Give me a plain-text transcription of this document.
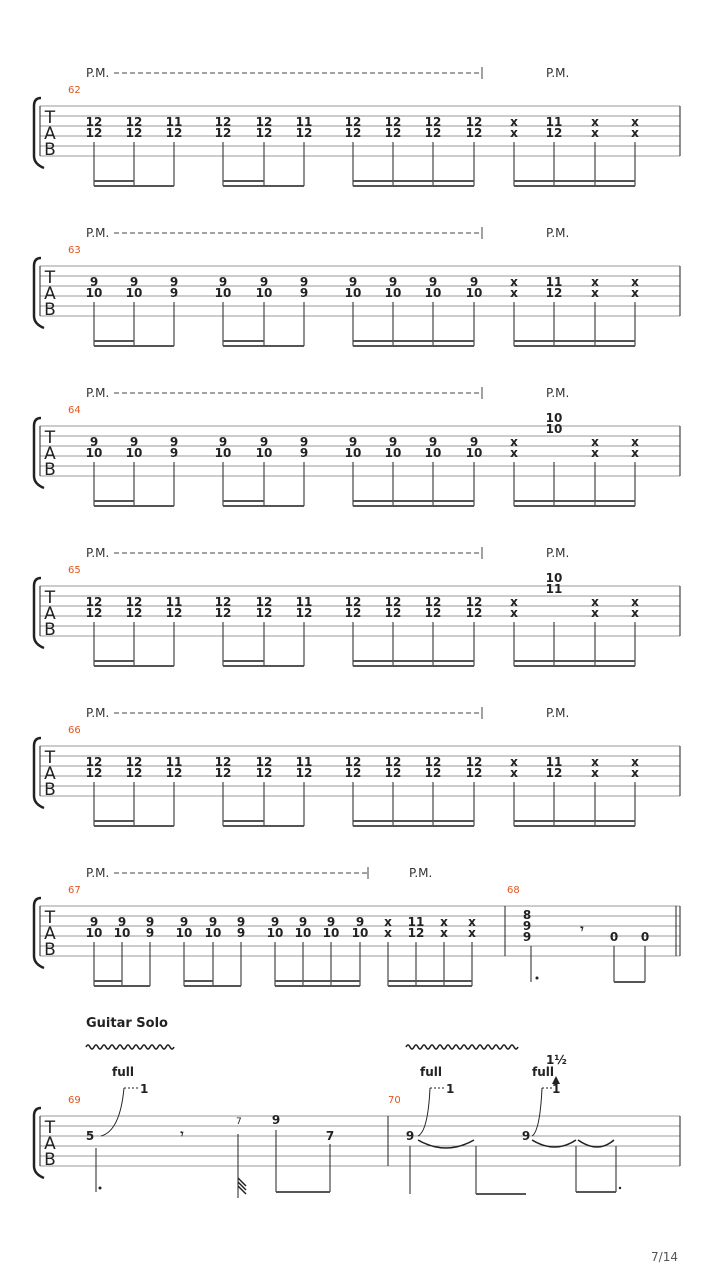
P.M.	P.M.
T
A
B
62
12
12
12
12
11
12
12
12
12
12
11
12
12
12
12
12
12
12
12
12
x
x
11
12
x
x
x
x
P.M.	P.M.
T
A
B
63
9
10
9
10
9
9
9
10
9
10
9
9
9
10
9
10
9
10
9
10
x
x
11
12
x
x
x
x
P.M.	P.M.
T
A
B
64
9
10
9
10
9
9
9
10
9
10
9
9
9
10
9
10
9
10
9
10
x
x
10
10
x
x
x
x
P.M.	P.M.
T
A
B
65
12
12
12
12
11
12
12
12
12
12
11
12
12
12
12
12
12
12
12
12
x
x
10
11
x
x
x
x
P.M.	P.M.
T
A
B
66
12
12
12
12
11
12
12
12
12
12
11
12
12
12
12
12
12
12
12
12
x
x
11
12
x
x
x
x
P.M.	P.M.
T
A
B
67	68
9
10
9
10
9
9
9
10
9
10
9
9
9
10
9
10
9
10
9
10
x
x
11
12
x
x
x
x
8
9
9
𝄾
0 0
Guitar Solo
T
A
B
69	70
5
full
1
𝄾
7	9
7	9
full
1
9
full
1½
1
7/14
